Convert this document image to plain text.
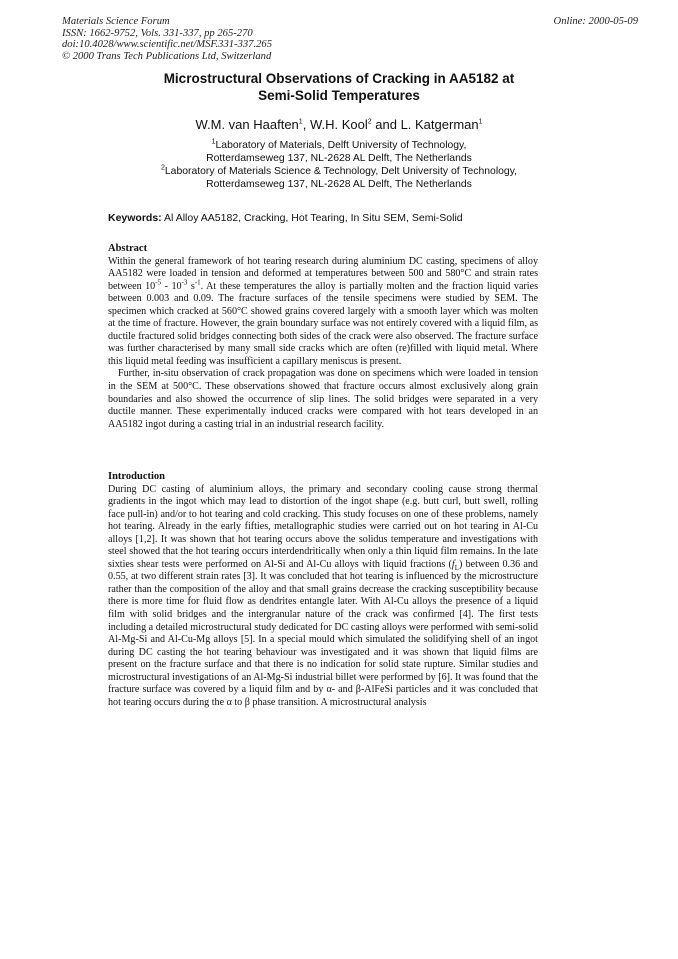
Materials Science Forum
ISSN: 1662-9752, Vols. 331-337, pp 265-270
doi:10.4028/www.scientific.net/MSF.331-337.265
© 2000 Trans Tech Publications Ltd, Switzerland
Online: 2000-05-09
Microstructural Observations of Cracking in AA5182 at
Semi-Solid Temperatures
W.M. van Haaften$^1$, W.H. Kool$^2$ and L. Katgerman$^1$
$^1$Laboratory of Materials, Delft University of Technology,
Rotterdamseweg 137, NL-2628 AL Delft, The Netherlands
$^2$Laboratory of Materials Science & Technology, Delt University of Technology,
Rotterdamseweg 137, NL-2628 AL Delft, The Netherlands
Keywords: Al Alloy AA5182, Cracking, Hot Tearing, In Situ SEM, Semi-Solid
Abstract

Within the general framework of hot tearing research during aluminium DC casting, specimens of alloy AA5182 were loaded in tension and deformed at temperatures between 500 and 580°C and strain rates between $10^{-5} - 10^{-3}$ $s^{-1}$. At these temperatures the alloy is partially molten and the fraction liquid varies between 0.003 and 0.09. The fracture surfaces of the tensile specimens were studied by SEM. The specimen which cracked at 560°C showed grains covered largely with a smooth layer which was molten at the time of fracture. However, the grain boundary surface was not entirely covered with a liquid film, as ductile fractured solid bridges connecting both sides of the crack were also observed. The fracture surface was further characterised by many small side cracks which are often (re)filled with liquid metal. Where this liquid metal feeding was insufficient a capillary meniscus is present.

Further, in-situ observation of crack propagation was done on specimens which were loaded in tension in the SEM at 500°C. These observations showed that fracture occurs almost exclusively along grain boundaries and also showed the occurrence of slip lines. The solid bridges were separated in a very ductile manner. These experimentally induced cracks were compared with hot tears developed in an AA5182 ingot during a casting trial in an industrial research facility.

Introduction

During DC casting of aluminium alloys, the primary and secondary cooling cause strong thermal gradients in the ingot which may lead to distortion of the ingot shape (e.g. butt curl, butt swell, rolling face pull-in) and/or to hot tearing and cold cracking. This study focuses on one of these problems, namely hot tearing. Already in the early fifties, metallographic studies were carried out on hot tearing in Al-Cu alloys [1,2]. It was shown that hot tearing occurs above the solidus temperature and investigations with steel showed that the hot tearing occurs interdendritically when only a thin liquid film remains. In the late sixties shear tests were performed on Al-Si and Al-Cu alloys with liquid fractions $(f_L)$ between 0.36 and 0.55, at two different strain rates [3]. It was concluded that hot tearing is influenced by the microstructure rather than the composition of the alloy and that small grains decrease the cracking susceptibility because there is more time for fluid flow as dendrites entangle later. With Al-Cu alloys the presence of a liquid film with solid bridges and the intergranular nature of the crack was confirmed [4]. The first tests including a detailed microstructural study dedicated for DC casting alloys were performed with semi-solid Al-Mg-Si and Al-Cu-Mg alloys [5]. In a special mould which simulated the solidifying shell of an ingot during DC casting the hot tearing behaviour was investigated and it was shown that liquid films are present on the fracture surface and that there is no indication for solid state rupture. Similar studies and microstructural investigations of an Al-Mg-Si industrial billet were performed by [6]. It was found that the fracture surface was covered by a liquid film and by α- and β-AlFeSi particles and it was concluded that hot tearing occurs during the α to β phase transition. A microstructural analysis
